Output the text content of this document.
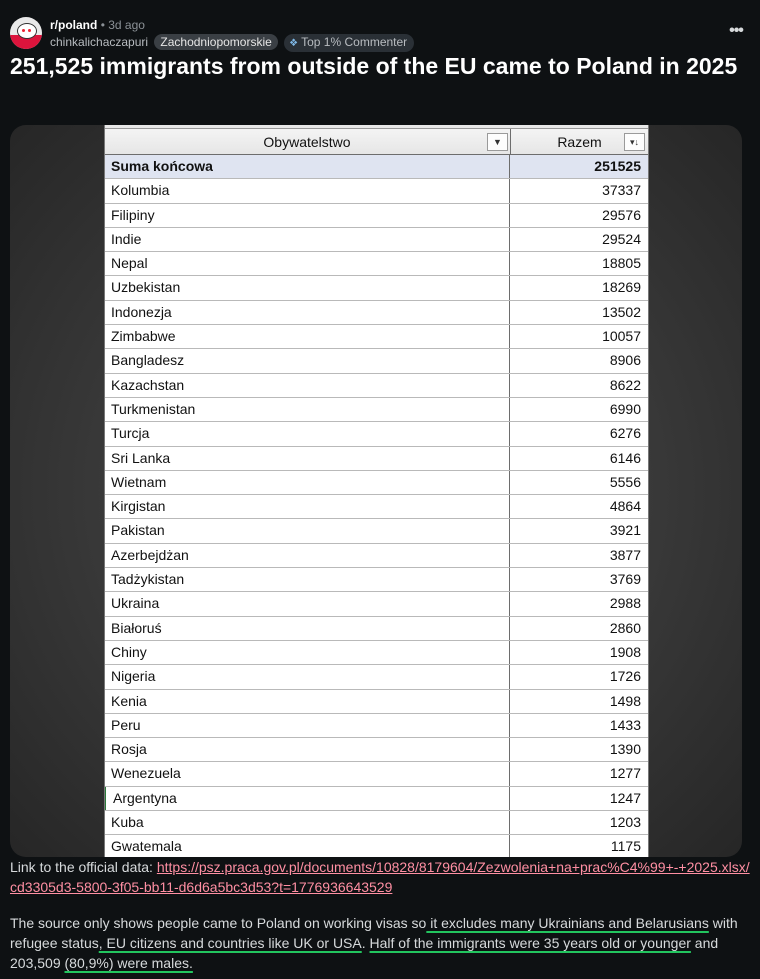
r/poland • 3d ago
chinkalichaczapuri Zachodniopomorskie ❖ Top 1% Commenter
•••
251,525 immigrants from outside of the EU came to Poland in 2025
Obywatelstwo	▼	Razem	▾↓
Suma końcowa	251525
Kolumbia	37337
Filipiny	29576
Indie	29524
Nepal	18805
Uzbekistan	18269
Indonezja	13502
Zimbabwe	10057
Bangladesz	8906
Kazachstan	8622
Turkmenistan	6990
Turcja	6276
Sri Lanka	6146
Wietnam	5556
Kirgistan	4864
Pakistan	3921
Azerbejdżan	3877
Tadżykistan	3769
Ukraina	2988
Białoruś	2860
Chiny	1908
Nigeria	1726
Kenia	1498
Peru	1433
Rosja	1390
Wenezuela	1277
Argentyna	1247
Kuba	1203
Gwatemala	1175

Link to the official data: https://psz.praca.gov.pl/documents/10828/8179604/Zezwolenia+na+prac%C4%99+-+2025.xlsx/cd3305d3-5800-3f05-bb11-d6d6a5bc3d53?t=1776936643529

The source only shows people came to Poland on working visas so it excludes many Ukrainians and Belarusians with refugee status, EU citizens and countries like UK or USA. Half of the immigrants were 35 years old or younger and 203,509 (80,9%) were males.
